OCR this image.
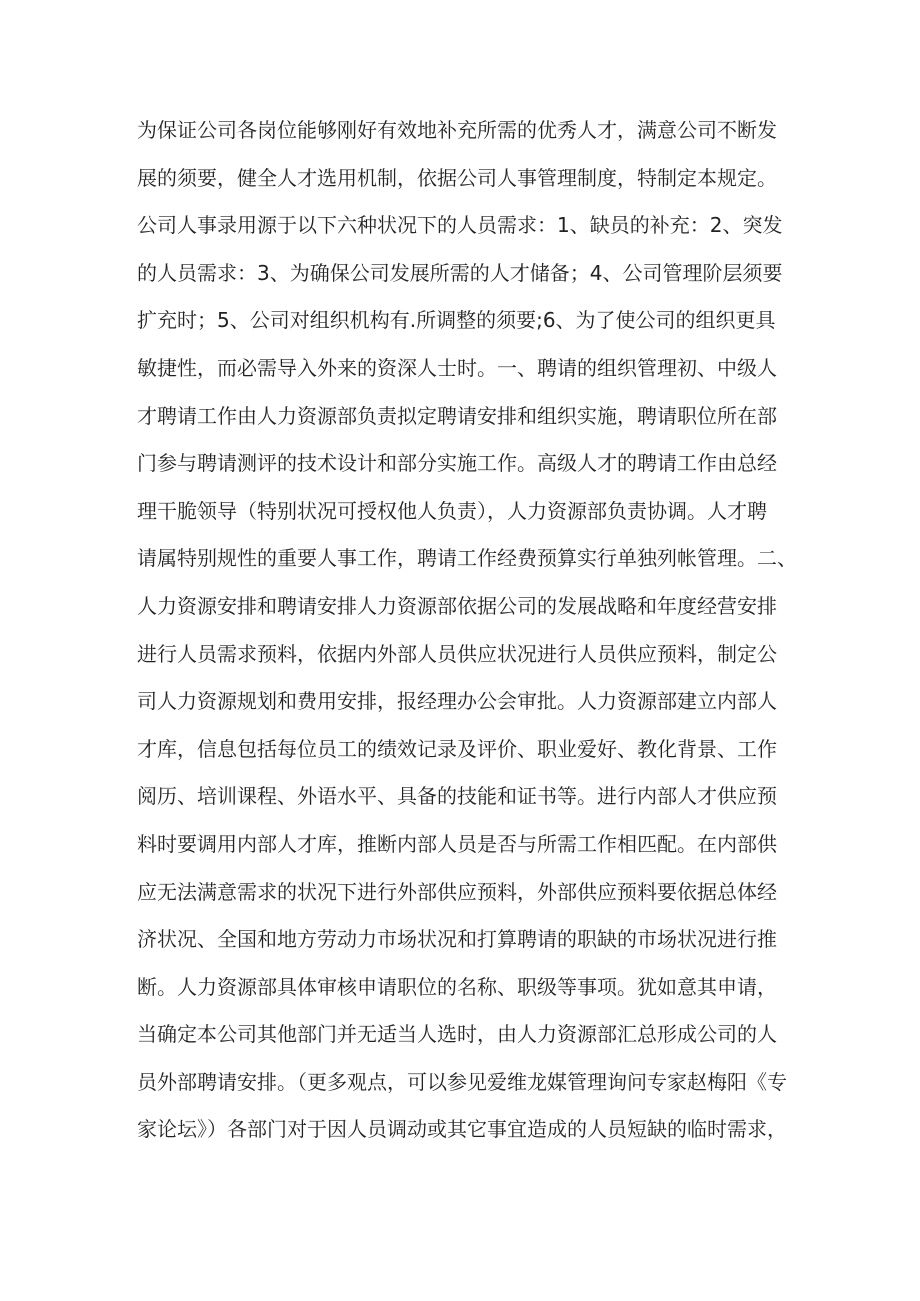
为保证公司各岗位能够刚好有效地补充所需的优秀人才，满意公司不断发
展的须要，健全人才选用机制，依据公司人事管理制度，特制定本规定。
公司人事录用源于以下六种状况下的人员需求：1、缺员的补充：2、突发
的人员需求：3、为确保公司发展所需的人才储备；4、公司管理阶层须要
扩充时；5、公司对组织机构有.所调整的须要;6、为了使公司的组织更具
敏捷性，而必需导入外来的资深人士时。一、聘请的组织管理初、中级人
才聘请工作由人力资源部负责拟定聘请安排和组织实施，聘请职位所在部
门参与聘请测评的技术设计和部分实施工作。高级人才的聘请工作由总经
理干脆领导（特别状况可授权他人负责），人力资源部负责协调。人才聘
请属特别规性的重要人事工作，聘请工作经费预算实行单独列帐管理。二、
人力资源安排和聘请安排人力资源部依据公司的发展战略和年度经营安排
进行人员需求预料，依据内外部人员供应状况进行人员供应预料，制定公
司人力资源规划和费用安排，报经理办公会审批。人力资源部建立内部人
才库，信息包括每位员工的绩效记录及评价、职业爱好、教化背景、工作
阅历、培训课程、外语水平、具备的技能和证书等。进行内部人才供应预
料时要调用内部人才库，推断内部人员是否与所需工作相匹配。在内部供
应无法满意需求的状况下进行外部供应预料，外部供应预料要依据总体经
济状况、全国和地方劳动力市场状况和打算聘请的职缺的市场状况进行推
断。人力资源部具体审核申请职位的名称、职级等事项。犹如意其申请，
当确定本公司其他部门并无适当人选时，由人力资源部汇总形成公司的人
员外部聘请安排。（更多观点，可以参见爱维龙媒管理询问专家赵梅阳《专
家论坛》）各部门对于因人员调动或其它事宜造成的人员短缺的临时需求，
